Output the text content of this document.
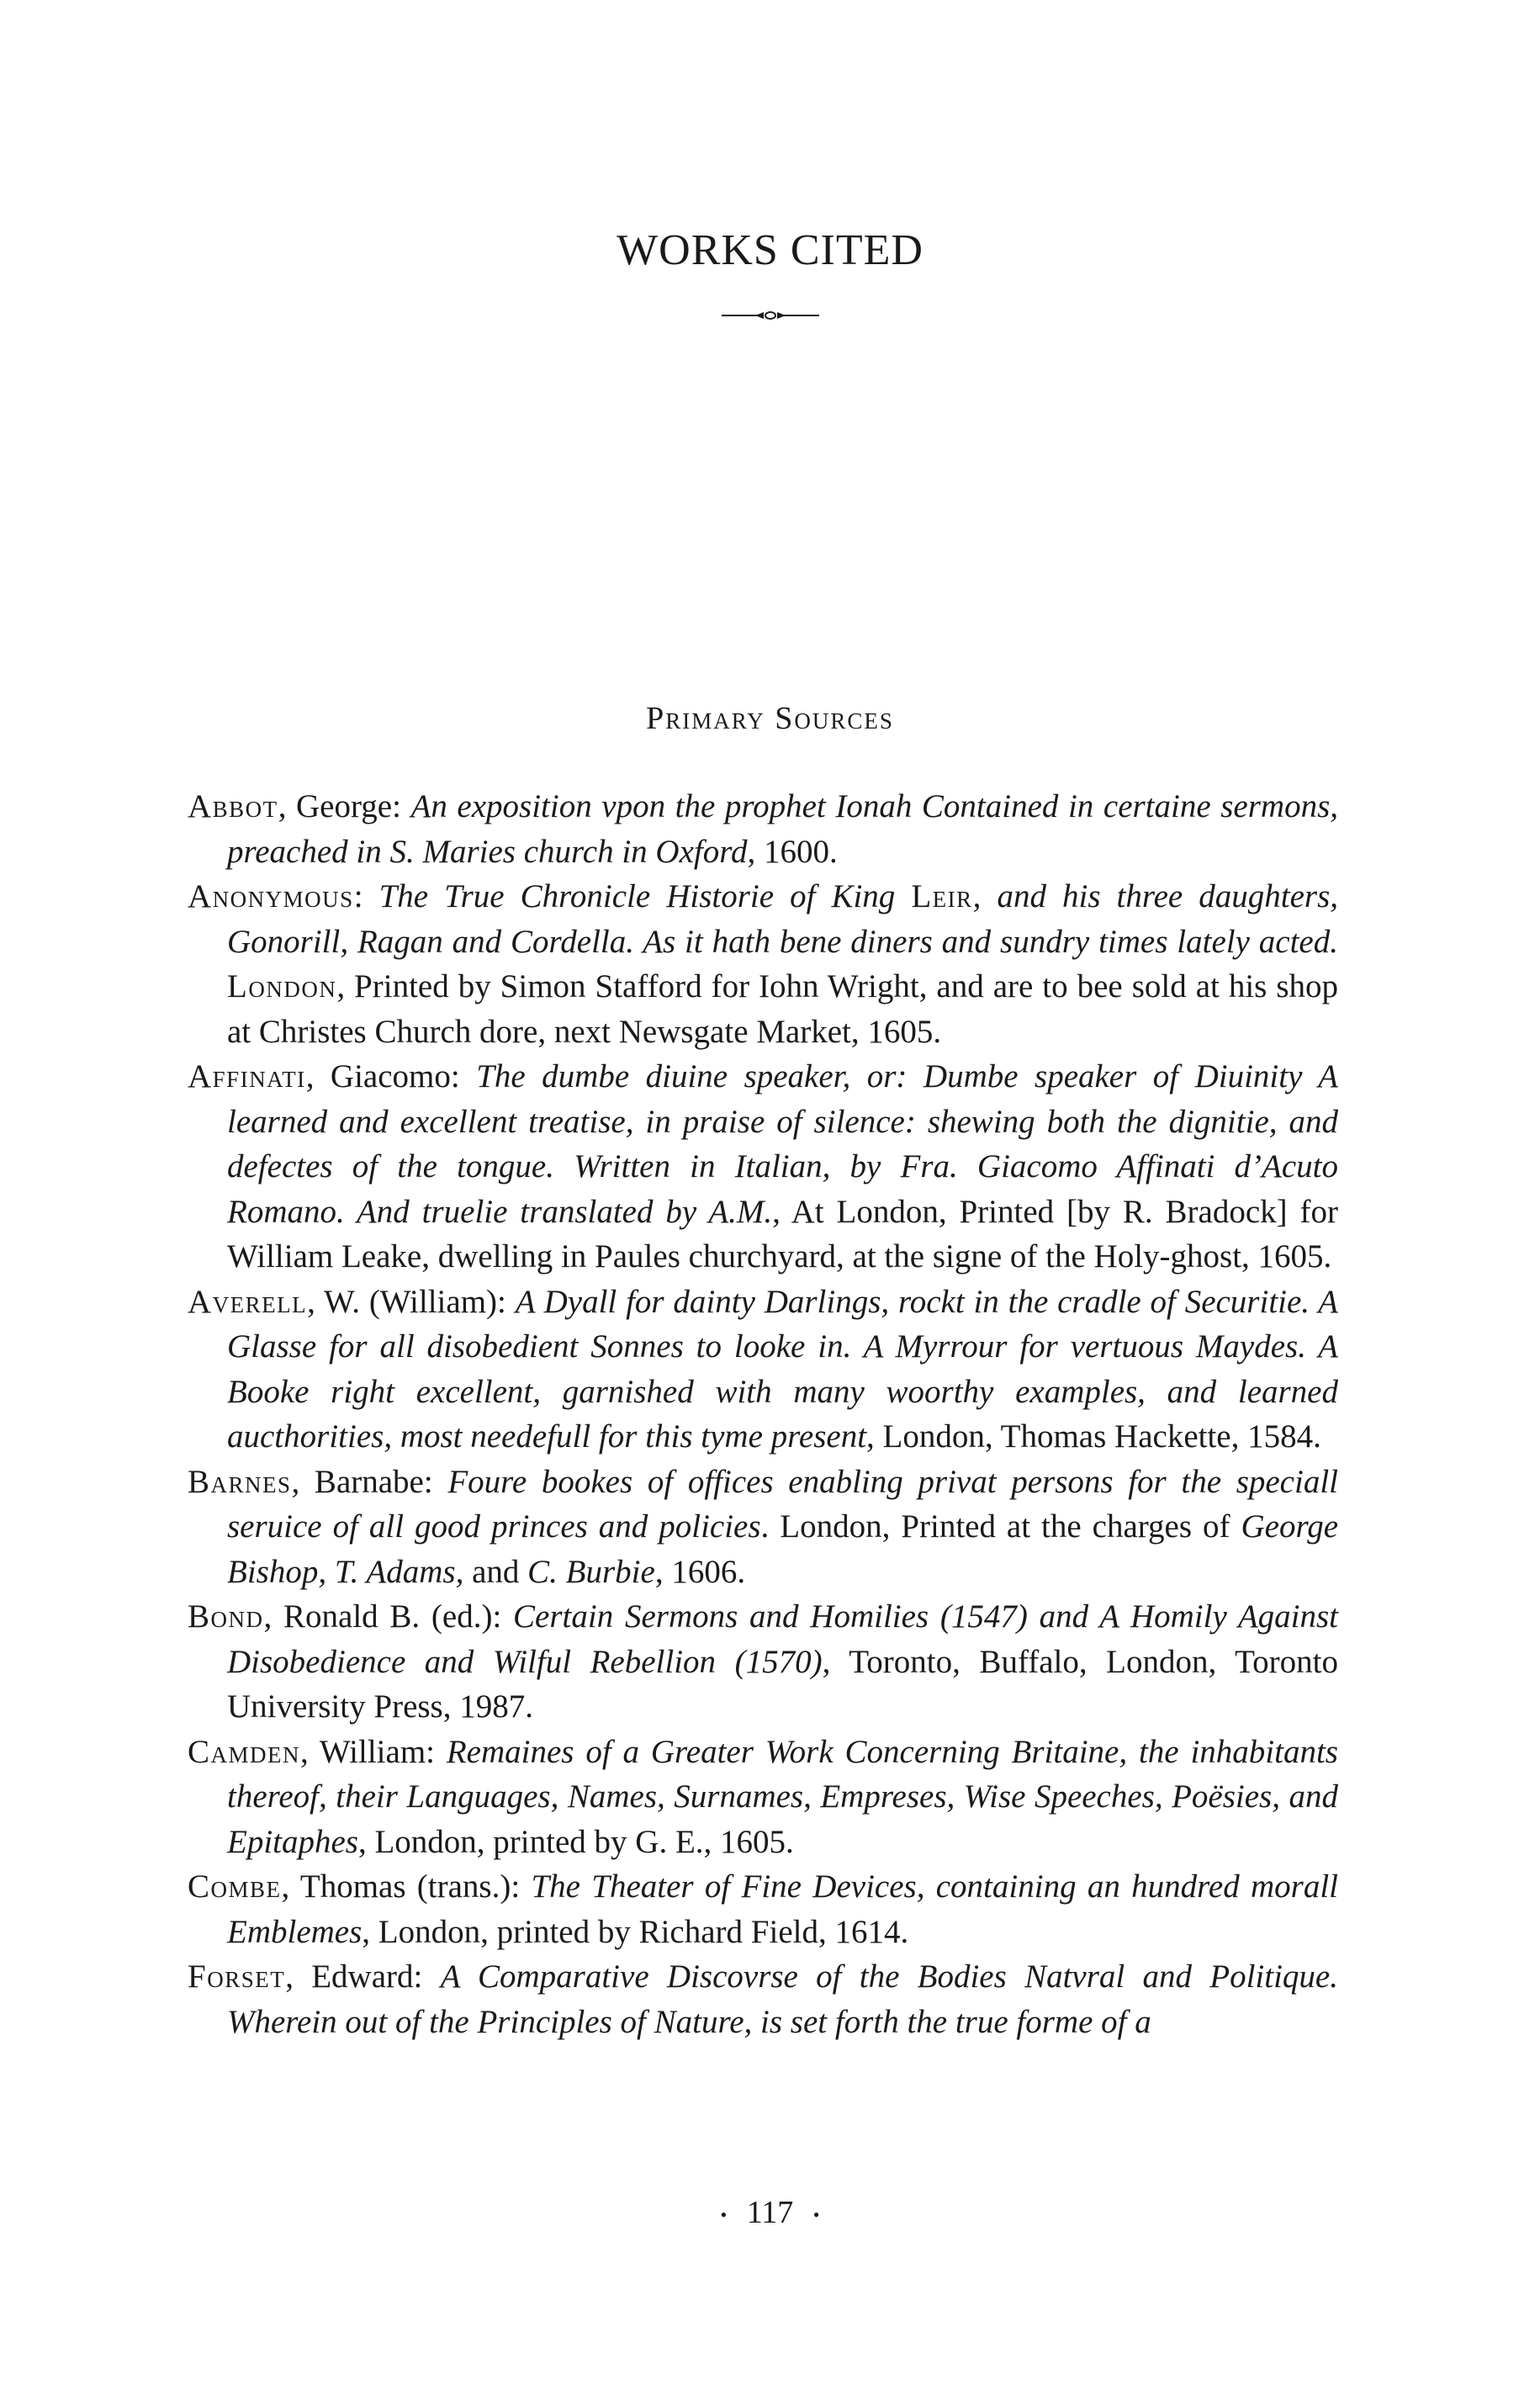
WORKS CITED
Primary Sources

Abbot, George: An exposition vpon the prophet Ionah Contained in certaine sermons, preached in S. Maries church in Oxford, 1600.

Anonymous: The True Chronicle Historie of King Leir, and his three daughters, Gonorill, Ragan and Cordella. As it hath bene diners and sundry times lately acted. London, Printed by Simon Stafford for Iohn Wright, and are to bee sold at his shop at Christes Church dore, next Newsgate Market, 1605.

Affinati, Giacomo: The dumbe diuine speaker, or: Dumbe speaker of Diuinity A learned and excellent treatise, in praise of silence: shewing both the dignitie, and defectes of the tongue. Written in Italian, by Fra. Giacomo Affinati d’Acuto Romano. And truelie translated by A.M., At London, Printed [by R. Bradock] for William Leake, dwelling in Paules churchyard, at the signe of the Holy-ghost, 1605.

Averell, W. (William): A Dyall for dainty Darlings, rockt in the cradle of Securitie. A Glasse for all disobedient Sonnes to looke in. A Myrrour for vertuous Maydes. A Booke right excellent, garnished with many woorthy examples, and learned aucthorities, most needefull for this tyme present, London, Thomas Hackette, 1584.

Barnes, Barnabe: Foure bookes of offices enabling privat persons for the speciall seruice of all good princes and policies. London, Printed at the charges of George Bishop, T. Adams, and C. Burbie, 1606.

Bond, Ronald B. (ed.): Certain Sermons and Homilies (1547) and A Homily Against Disobedience and Wilful Rebellion (1570), Toronto, Buffalo, London, Toronto University Press, 1987.

Camden, William: Remaines of a Greater Work Concerning Britaine, the inhabitants thereof, their Languages, Names, Surnames, Empreses, Wise Speeches, Poësies, and Epitaphes, London, printed by G. E., 1605.

Combe, Thomas (trans.): The Theater of Fine Devices, containing an hundred morall Emblemes, London, printed by Richard Field, 1614.

Forset, Edward: A Comparative Discovrse of the Bodies Natvral and Politique. Wherein out of the Principles of Nature, is set forth the true forme of a

• 117 •
